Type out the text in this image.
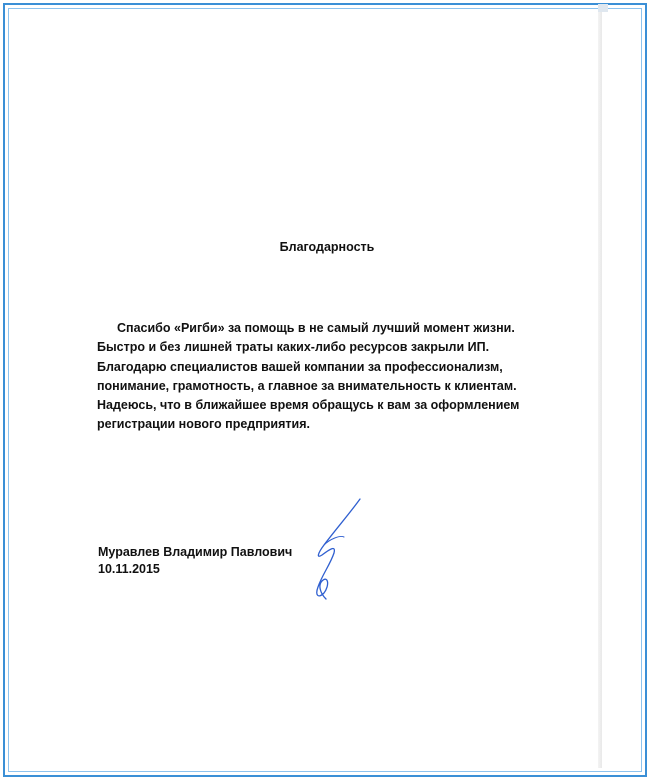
Благодарность
Спасибо «Ригби» за помощь в не самый лучший момент жизни.
Быстро и без лишней траты каких-либо ресурсов закрыли ИП.
Благодарю специалистов вашей компании за профессионализм,
понимание, грамотность, а главное за внимательность к клиентам.
Надеюсь, что в ближайшее время обращусь к вам за оформлением
регистрации нового предприятия.
Муравлев Владимир Павлович
10.11.2015
